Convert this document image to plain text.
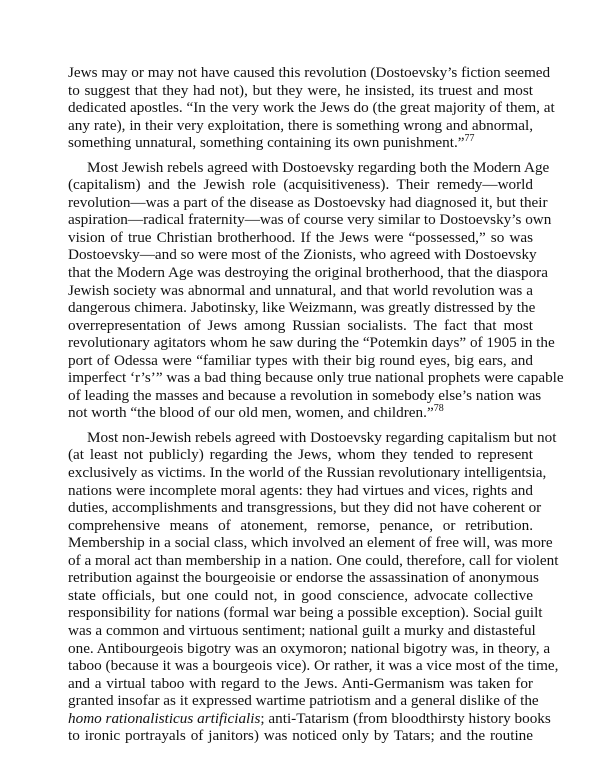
Jews may or may not have caused this revolution (Dostoevsky’s fiction seemed
to suggest that they had not), but they were, he insisted, its truest and most
dedicated apostles. “In the very work the Jews do (the great majority of them, at
any rate), in their very exploitation, there is something wrong and abnormal,
something unnatural, something containing its own punishment.”$^{77}$
Most Jewish rebels agreed with Dostoevsky regarding both the Modern Age
(capitalism) and the Jewish role (acquisitiveness). Their remedy—world
revolution—was a part of the disease as Dostoevsky had diagnosed it, but their
aspiration—radical fraternity—was of course very similar to Dostoevsky’s own
vision of true Christian brotherhood. If the Jews were “possessed,” so was
Dostoevsky—and so were most of the Zionists, who agreed with Dostoevsky
that the Modern Age was destroying the original brotherhood, that the diaspora
Jewish society was abnormal and unnatural, and that world revolution was a
dangerous chimera. Jabotinsky, like Weizmann, was greatly distressed by the
overrepresentation of Jews among Russian socialists. The fact that most
revolutionary agitators whom he saw during the “Potemkin days” of 1905 in the
port of Odessa were “familiar types with their big round eyes, big ears, and
imperfect ‘r’s’” was a bad thing because only true national prophets were capable
of leading the masses and because a revolution in somebody else’s nation was
not worth “the blood of our old men, women, and children.”$^{78}$
Most non-Jewish rebels agreed with Dostoevsky regarding capitalism but not
(at least not publicly) regarding the Jews, whom they tended to represent
exclusively as victims. In the world of the Russian revolutionary intelligentsia,
nations were incomplete moral agents: they had virtues and vices, rights and
duties, accomplishments and transgressions, but they did not have coherent or
comprehensive means of atonement, remorse, penance, or retribution.
Membership in a social class, which involved an element of free will, was more
of a moral act than membership in a nation. One could, therefore, call for violent
retribution against the bourgeoisie or endorse the assassination of anonymous
state officials, but one could not, in good conscience, advocate collective
responsibility for nations (formal war being a possible exception). Social guilt
was a common and virtuous sentiment; national guilt a murky and distasteful
one. Antibourgeois bigotry was an oxymoron; national bigotry was, in theory, a
taboo (because it was a bourgeois vice). Or rather, it was a vice most of the time,
and a virtual taboo with regard to the Jews. Anti-Germanism was taken for
granted insofar as it expressed wartime patriotism and a general dislike of the
homo rationalisticus artificialis; anti-Tatarism (from bloodthirsty history books
to ironic portrayals of janitors) was noticed only by Tatars; and the routine
